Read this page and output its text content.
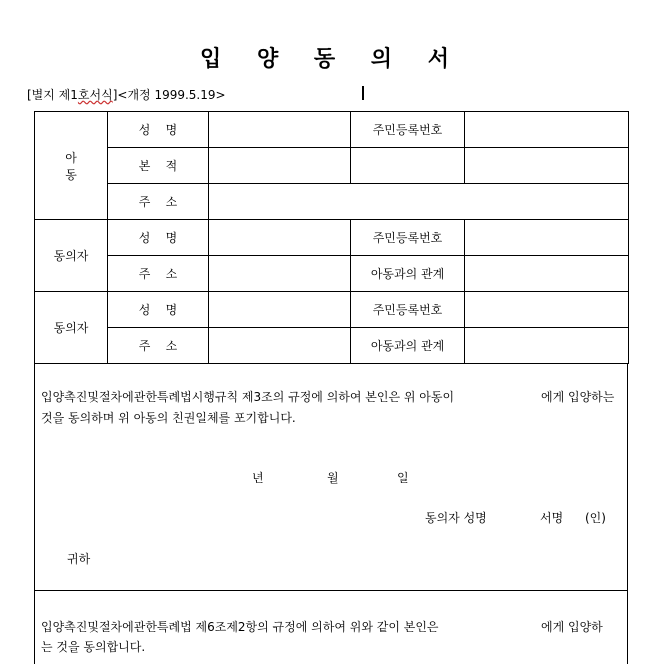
입 양 동 의 서
[별지 제1호서식]<개정 1999.5.19>
아 동	성    명		주민등록번호	
	본    적			
	주    소			
동의자	성    명		주민등록번호	
	주    소		아동과의 관계	
동의자	성    명		주민등록번호	
	주    소		아동과의 관계	
입양촉진및절차에관한특례법시행규칙 제3조의 규정에 의하여 본인은 위 아동이	에게 입양하는
것을 동의하며 위 아동의 친권일체를 포기합니다.
년	월	일
동의자 성명	서명 (인)
귀하
입양촉진및절차에관한특례법 제6조제2항의 규정에 의하여 위와 같이 본인은	에게 입양하
는 것을 동의합니다.
